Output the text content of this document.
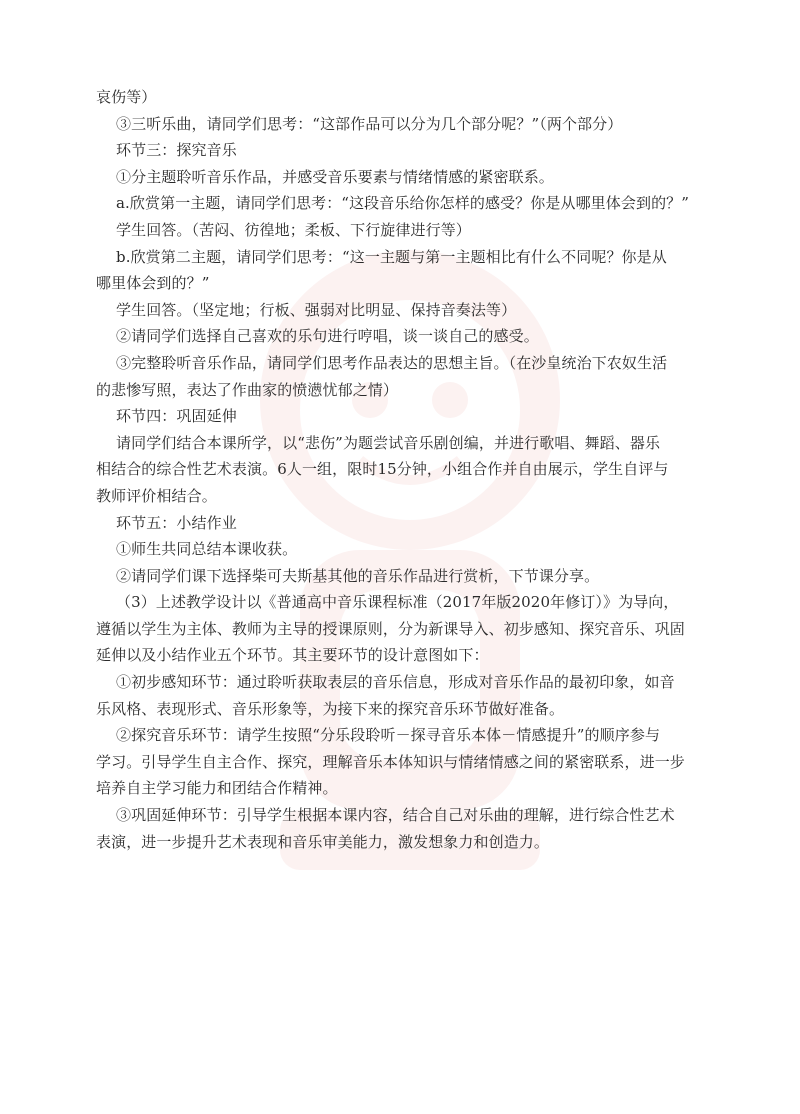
哀伤等）
③三听乐曲，请同学们思考：“这部作品可以分为几个部分呢？”（两个部分）
环节三：探究音乐
①分主题聆听音乐作品，并感受音乐要素与情绪情感的紧密联系。
a.欣赏第一主题，请同学们思考：“这段音乐给你怎样的感受？你是从哪里体会到的？”
学生回答。（苦闷、彷徨地；柔板、下行旋律进行等）
b.欣赏第二主题，请同学们思考：“这一主题与第一主题相比有什么不同呢？你是从
哪里体会到的？”
学生回答。（坚定地；行板、强弱对比明显、保持音奏法等）
②请同学们选择自己喜欢的乐句进行哼唱，谈一谈自己的感受。
③完整聆听音乐作品，请同学们思考作品表达的思想主旨。（在沙皇统治下农奴生活
的悲惨写照，表达了作曲家的愤懑忧郁之情）
环节四：巩固延伸
请同学们结合本课所学，以“悲伤”为题尝试音乐剧创编，并进行歌唱、舞蹈、器乐
相结合的综合性艺术表演。6人一组，限时15分钟，小组合作并自由展示，学生自评与
教师评价相结合。
环节五：小结作业
①师生共同总结本课收获。
②请同学们课下选择柴可夫斯基其他的音乐作品进行赏析，下节课分享。
（3）上述教学设计以《普通高中音乐课程标准（2017年版2020年修订）》为导向，
遵循以学生为主体、教师为主导的授课原则，分为新课导入、初步感知、探究音乐、巩固
延伸以及小结作业五个环节。其主要环节的设计意图如下：
①初步感知环节：通过聆听获取表层的音乐信息，形成对音乐作品的最初印象，如音
乐风格、表现形式、音乐形象等，为接下来的探究音乐环节做好准备。
②探究音乐环节：请学生按照“分乐段聆听－探寻音乐本体－情感提升”的顺序参与
学习。引导学生自主合作、探究，理解音乐本体知识与情绪情感之间的紧密联系，进一步
培养自主学习能力和团结合作精神。
③巩固延伸环节：引导学生根据本课内容，结合自己对乐曲的理解，进行综合性艺术
表演，进一步提升艺术表现和音乐审美能力，激发想象力和创造力。
